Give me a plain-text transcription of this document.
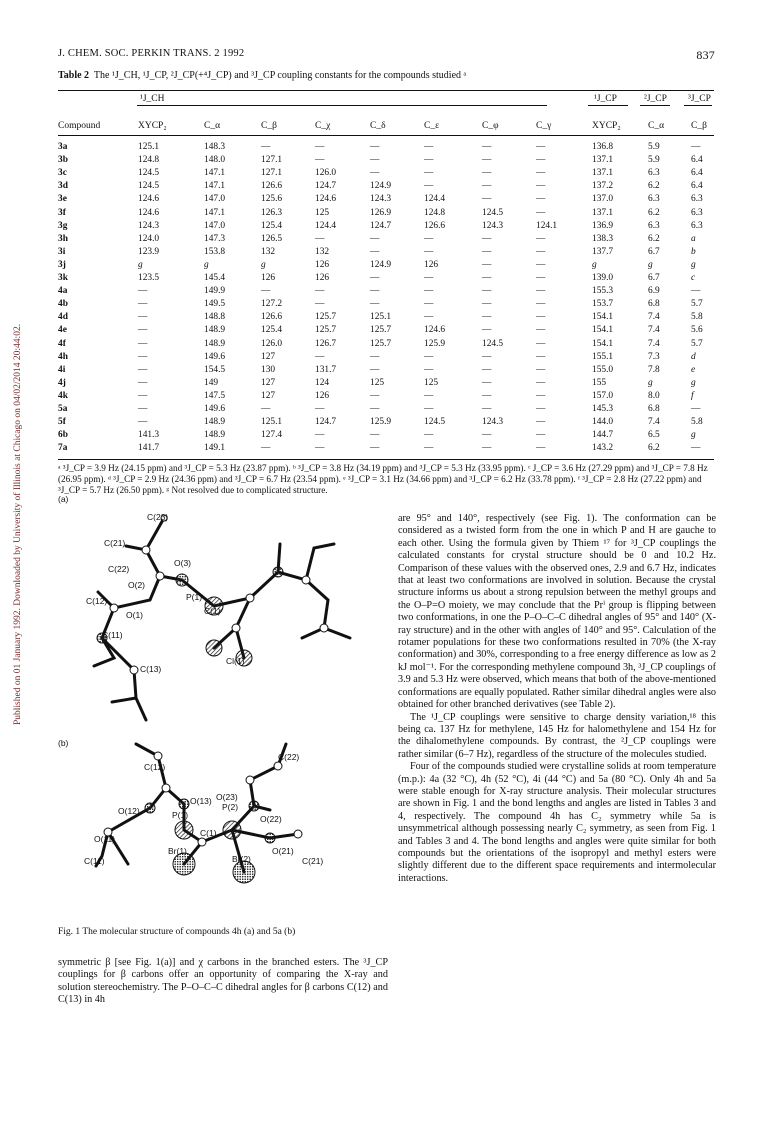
J. CHEM. SOC. PERKIN TRANS. 2 1992	837
Published on 01 January 1992. Downloaded by University of Illinois at Chicago on 04/02/2014 20:44:02.
Table 2 The ¹J_CH, ¹J_CP, ²J_CP(+⁴J_CP) and ³J_CP coupling constants for the compounds studied ᵃ
¹J_CH	¹J_CP	²J_CP ³J_CP
Compound	XYCP₂	C_α	C_β	C_χ	C_δ	C_ε	C_φ	C_γ	XYCP₂	C_α	C_β
3a	125.1	148.3	—	—	—	—	—	—	136.8	5.9	—
3b	124.8	148.0	127.1	—	—	—	—	—	137.1	5.9	6.4
3c	124.5	147.1	127.1	126.0	—	—	—	—	137.1	6.3	6.4
3d	124.5	147.1	126.6	124.7	124.9	—	—	—	137.2	6.2	6.4
3e	124.6	147.0	125.6	124.6	124.3	124.4	—	—	137.0	6.3	6.3
3f	124.6	147.1	126.3	125	126.9	124.8	124.5	—	137.1	6.2	6.3
3g	124.3	147.0	125.4	124.4	124.7	126.6	124.3	124.1	136.9	6.3	6.3
3h	124.0	147.3	126.5	—	—	—	—	—	138.3	6.2	a
3i	123.9	153.8	132	132	—	—	—	—	137.7	6.7	b
3j	g	g	g	126	124.9	126	—	—	g	g	g
3k	123.5	145.4	126	126	—	—	—	—	139.0	6.7	c
4a	—	149.9	—	—	—	—	—	—	155.3	6.9	—
4b	—	149.5	127.2	—	—	—	—	—	153.7	6.8	5.7
4d	—	148.8	126.6	125.7	125.1	—	—	—	154.1	7.4	5.8
4e	—	148.9	125.4	125.7	125.7	124.6	—	—	154.1	7.4	5.6
4f	—	148.9	126.0	126.7	125.7	125.9	124.5	—	154.1	7.4	5.7
4h	—	149.6	127	—	—	—	—	—	155.1	7.3	d
4i	—	154.5	130	131.7	—	—	—	—	155.0	7.8	e
4j	—	149	127	124	125	125	—	—	155	g	g
4k	—	147.5	127	126	—	—	—	—	157.0	8.0	f
5a	—	149.6	—	—	—	—	—	—	145.3	6.8	—
5f	—	148.9	125.1	124.7	125.9	124.5	124.3	—	144.0	7.4	5.8
6b	141.3	148.9	127.4	—	—	—	—	—	144.7	6.5	g
7a	141.7	149.1	—	—	—	—	—	—	143.2	6.2	—
ᵃ ³J_CP = 3.9 Hz (24.15 ppm) and ³J_CP = 5.3 Hz (23.87 ppm). ᵇ ³J_CP = 3.8 Hz (34.19 ppm) and ³J_CP = 5.3 Hz (33.95 ppm). ᶜ J_CP = 3.6 Hz (27.29 ppm) and ³J_CP = 7.8 Hz (26.95 ppm). ᵈ ³J_CP = 2.9 Hz (24.36 ppm) and ³J_CP = 6.7 Hz (23.54 ppm). ᵉ ³J_CP = 3.1 Hz (34.66 ppm) and ³J_CP = 6.2 Hz (33.78 ppm). ᶠ ³J_CP = 2.8 Hz (27.22 ppm) and ³J_CP = 5.7 Hz (26.50 ppm). ᵍ Not resolved due to complicated structure.
(a)
C(23)
C(21)
C(22)
O(3)
O(2)
P(1)
C(12)
O(1)	C(1)
C(11)
C(13)
Cl(1)
(b)
C(12)
C(22)
O(13) O(23)
O(22)
O(12)	P(1)
P(2)
O(11)
C(1)
O(21)
C(11)
Br(1)
Br(2)	C(21)
Fig. 1 The molecular structure of compounds 4h (a) and 5a (b)

symmetric β [see Fig. 1(a)] and χ carbons in the branched esters. The ³J_CP couplings for β carbons offer an opportunity of comparing the X-ray and solution stereochemistry. The P–O–C–C dihedral angles for β carbons C(12) and C(13) in 4h

are 95° and 140°, respectively (see Fig. 1). The conformation can be considered as a twisted form from the one in which P and H are gauche to each other. Using the formula given by Thiem ¹⁷ for ³J_CP couplings the calculated constants for crystal structure should be 0 and 10.2 Hz. Comparison of these values with the observed ones, 2.9 and 6.7 Hz, indicates that at least two conformations are involved in solution. Because the crystal structure informs us about a strong repulsion between the methyl groups and the O–P=O moiety, we may conclude that the Prⁱ group is flipping between two conformations, in one the P–O–C–C dihedral angles of 95° and 140° (X-ray structure) and in the other with angles of 140° and 95°. Calculation of the rotamer populations for these two conformations resulted in 70% (the X-ray conformation) and 30%, corresponding to a free energy difference as low as 2 kJ mol⁻¹. For the corresponding methylene compound 3h, ³J_CP couplings of 3.9 and 5.3 Hz were observed, which means that both of the above-mentioned conformations are equally populated. Rather similar dihedral angles were also obtained for other branched derivatives (see Table 2).

The ¹J_CP couplings were sensitive to charge density variation,¹⁸ this being ca. 137 Hz for methylene, 145 Hz for halomethylene and 154 Hz for the dihalomethylene compounds. By contrast, the ²J_CP couplings were rather similar (6–7 Hz), regardless of the structure of the molecules studied.

Four of the compounds studied were crystalline solids at room temperature (m.p.): 4a (32 °C), 4h (52 °C), 4i (44 °C) and 5a (80 °C). Only 4h and 5a were stable enough for X-ray structure analysis. Their molecular structures are shown in Fig. 1 and the bond lengths and angles are listed in Tables 3 and 4, respectively. The compound 4h has C₂ symmetry while 5a is unsymmetrical although possessing nearly C₂ symmetry, as seen from Fig. 1 and Tables 3 and 4. The bond lengths and angles were quite similar for both compounds but the orientations of the isopropyl and methyl esters were slightly different due to the different space requirements and intermolecular interactions.
